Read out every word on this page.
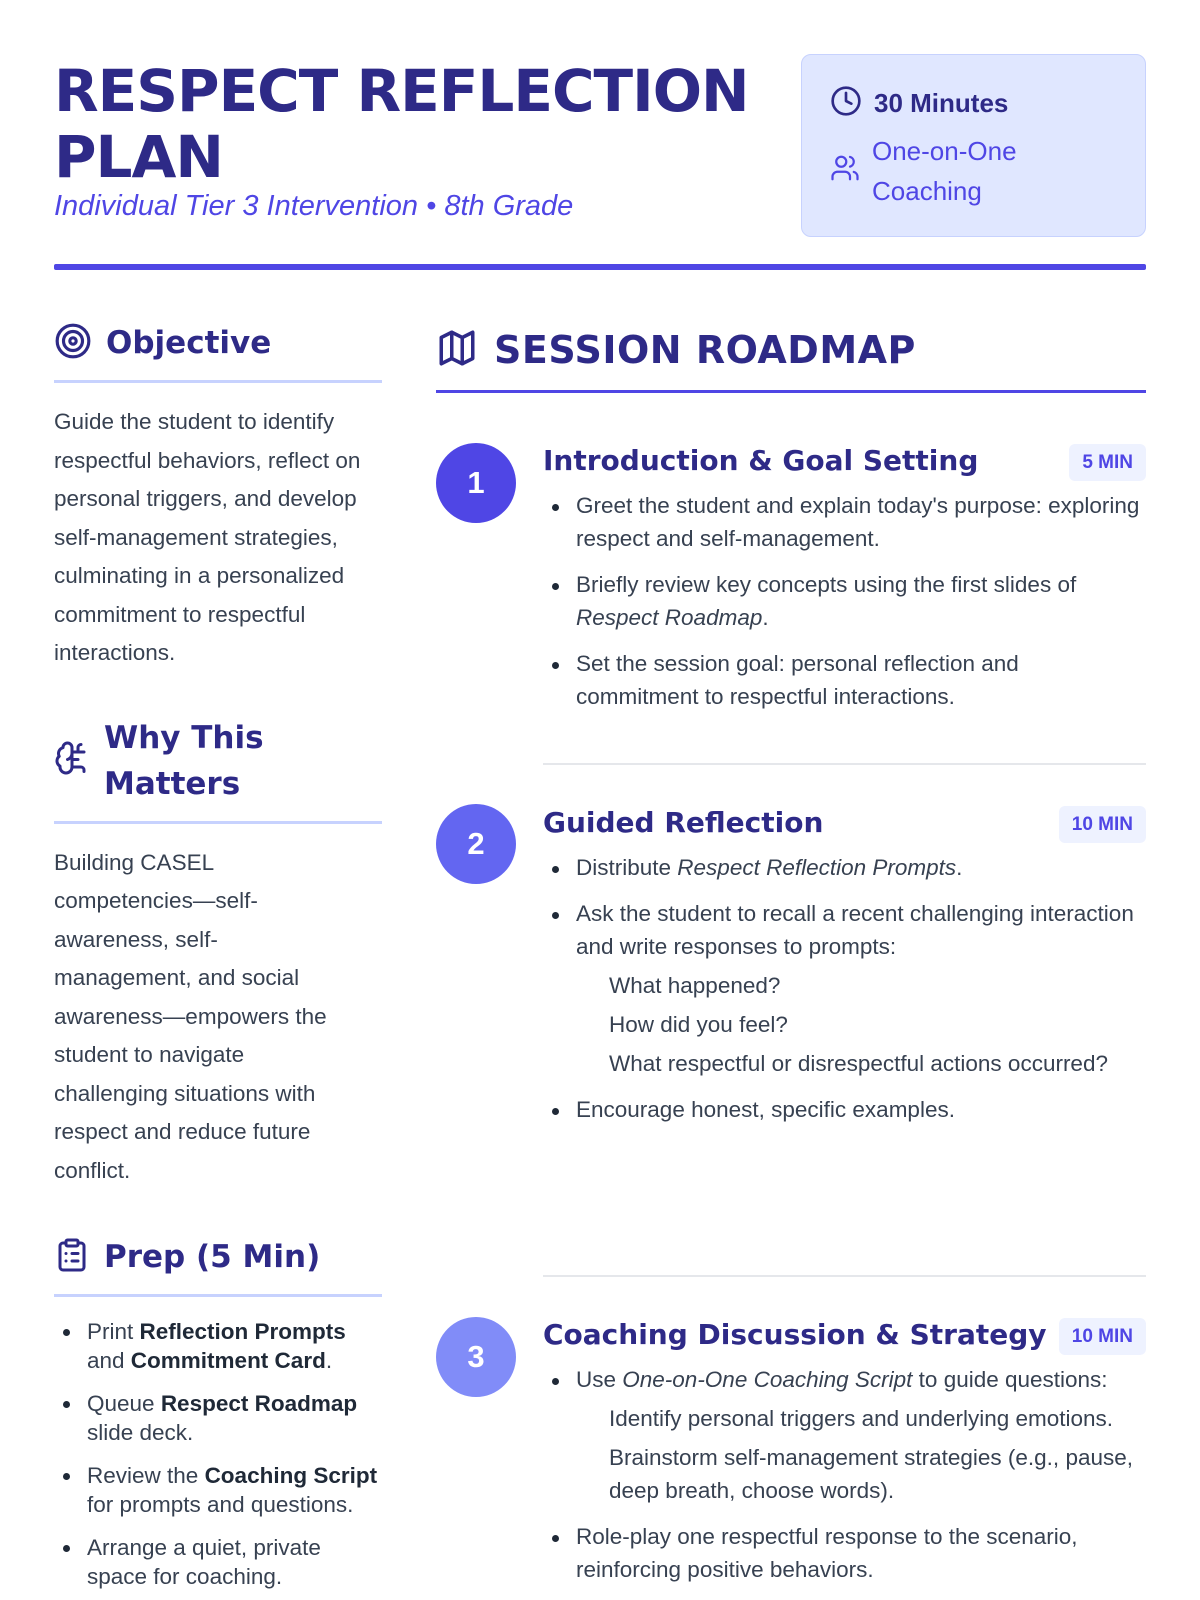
RESPECT REFLECTION PLAN
Individual Tier 3 Intervention • 8th Grade
30 Minutes
One-on-One Coaching
Objective

Guide the student to identify respectful behaviors, reflect on personal triggers, and develop self-management strategies, culminating in a personalized commitment to respectful interactions.

Why This Matters

Building CASEL competencies—self-awareness, self-management, and social awareness—empowers the student to navigate challenging situations with respect and reduce future conflict.

Prep (5 Min)
Print Reflection Prompts and Commitment Card.
Queue Respect Roadmap slide deck.
Review the Coaching Script for prompts and questions.
Arrange a quiet, private space for coaching.
SESSION ROADMAP
1
Introduction & Goal Setting	5 MIN
Greet the student and explain today's purpose: exploring respect and self-management.
Briefly review key concepts using the first slides of Respect Roadmap.
Set the session goal: personal reflection and commitment to respectful interactions.
2
Guided Reflection	10 MIN
Distribute Respect Reflection Prompts.
Ask the student to recall a recent challenging interaction and write responses to prompts:
What happened?
How did you feel?
What respectful or disrespectful actions occurred?
Encourage honest, specific examples.
3
Coaching Discussion & Strategy	10 MIN
Use One-on-One Coaching Script to guide questions:
Identify personal triggers and underlying emotions.
Brainstorm self-management strategies (e.g., pause, deep breath, choose words).
Role-play one respectful response to the scenario, reinforcing positive behaviors.
